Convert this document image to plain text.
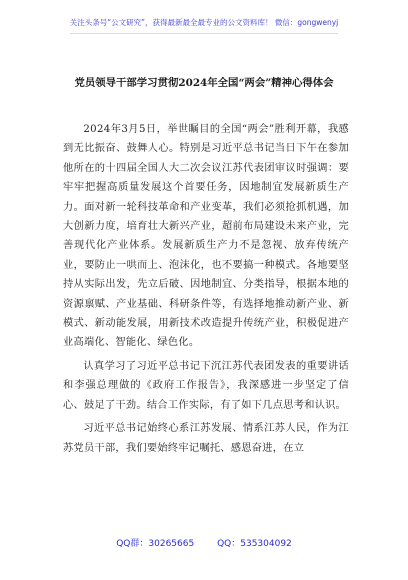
关注头条号“公文研究”，获得最新最全最专业的公文资料库！ 微信：gongwenyj
党员领导干部学习贯彻2024年全国“两会”精神心得体会

2024年3月5日，举世瞩目的全国“两会”胜利开幕，我感到无比振奋、鼓舞人心。特别是习近平总书记当日下午在参加他所在的十四届全国人大二次会议江苏代表团审议时强调：要牢牢把握高质量发展这个首要任务，因地制宜发展新质生产力。面对新一轮科技革命和产业变革，我们必须抢抓机遇，加大创新力度，培育壮大新兴产业，超前布局建设未来产业，完善现代化产业体系。发展新质生产力不是忽视、放弃传统产业，要防止一哄而上、泡沫化，也不要搞一种模式。各地要坚持从实际出发，先立后破、因地制宜、分类指导，根据本地的资源禀赋、产业基础、科研条件等，有选择地推动新产业、新模式、新动能发展，用新技术改造提升传统产业，积极促进产业高端化、智能化、绿色化。

认真学习了习近平总书记下沉江苏代表团发表的重要讲话和李强总理做的《政府工作报告》，我深感进一步坚定了信心、鼓足了干劲。结合工作实际，有了如下几点思考和认识。

习近平总书记始终心系江苏发展、情系江苏人民，作为江苏党员干部，我们要始终牢记嘱托、感恩奋进，在立

QQ群：30265665	QQ：535304092
